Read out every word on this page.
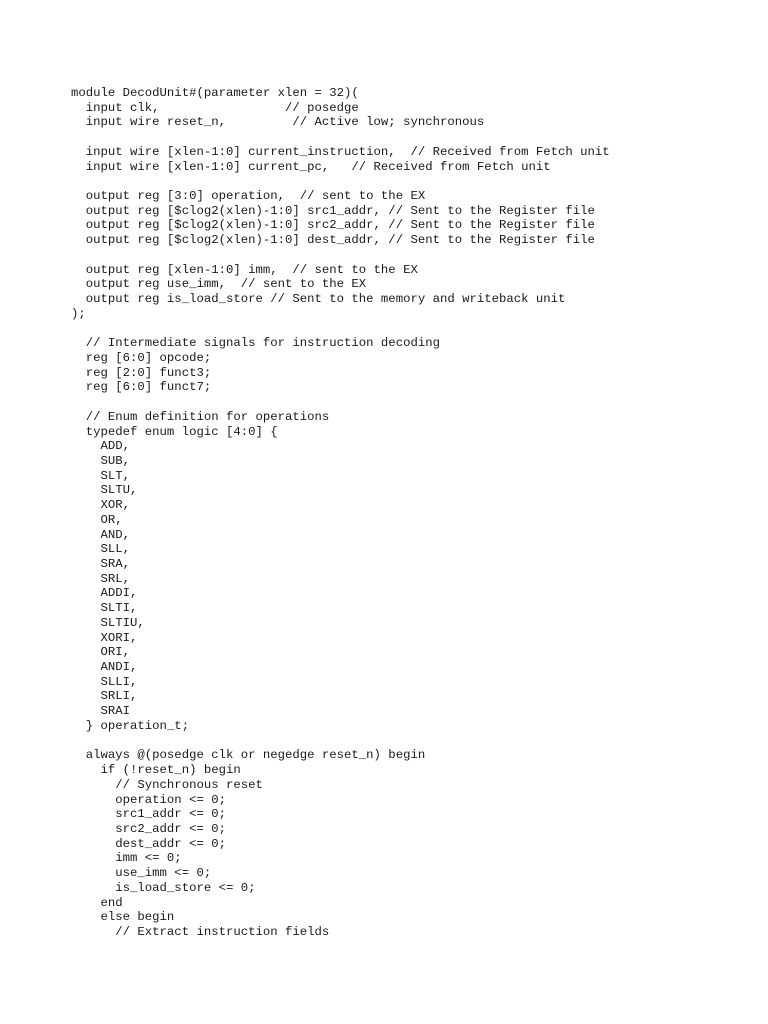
module DecodUnit#(parameter xlen = 32)(
input clk,                 // posedge
input wire reset_n,         // Active low; synchronous
input wire [xlen-1:0] current_instruction,  // Received from Fetch unit
input wire [xlen-1:0] current_pc,   // Received from Fetch unit
output reg [3:0] operation,  // sent to the EX
output reg [$clog2(xlen)-1:0] src1_addr, // Sent to the Register file
output reg [$clog2(xlen)-1:0] src2_addr, // Sent to the Register file
output reg [$clog2(xlen)-1:0] dest_addr, // Sent to the Register file
output reg [xlen-1:0] imm,  // sent to the EX
output reg use_imm,  // sent to the EX
output reg is_load_store // Sent to the memory and writeback unit
);
// Intermediate signals for instruction decoding
reg [6:0] opcode;
reg [2:0] funct3;
reg [6:0] funct7;
// Enum definition for operations
typedef enum logic [4:0] {
ADD,
SUB,
SLT,
SLTU,
XOR,
OR,
AND,
SLL,
SRA,
SRL,
ADDI,
SLTI,
SLTIU,
XORI,
ORI,
ANDI,
SLLI,
SRLI,
SRAI
} operation_t;
always @(posedge clk or negedge reset_n) begin
if (!reset_n) begin
// Synchronous reset
operation <= 0;
src1_addr <= 0;
src2_addr <= 0;
dest_addr <= 0;
imm <= 0;
use_imm <= 0;
is_load_store <= 0;
end
else begin
// Extract instruction fields
